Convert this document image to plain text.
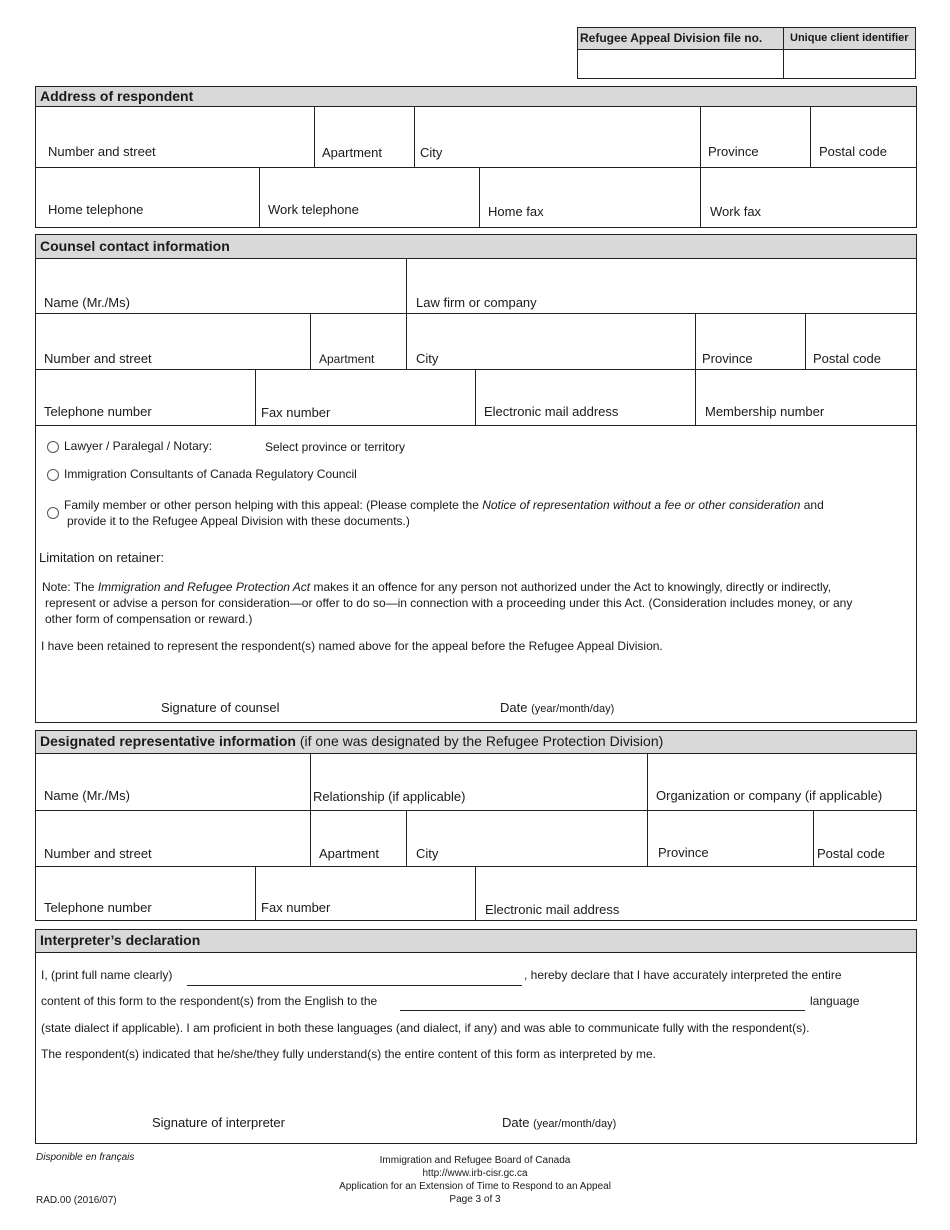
Refugee Appeal Division file no.	Unique client identifier
Address of respondent
Number and street	Apartment	City	Province	Postal code
Home telephone	Work telephone	Home fax	Work fax
Counsel contact information
Name (Mr./Ms)	Law firm or company
Number and street	Apartment	City	Province	Postal code
Telephone number	Fax number	Electronic mail address	Membership number
Lawyer / Paralegal / Notary:	Select province or territory
Immigration Consultants of Canada Regulatory Council
Family member or other person helping with this appeal: (Please complete the Notice of representation without a fee or other consideration and
provide it to the Refugee Appeal Division with these documents.)
Limitation on retainer:
Note: The Immigration and Refugee Protection Act makes it an offence for any person not authorized under the Act to knowingly, directly or indirectly,
represent or advise a person for consideration—or offer to do so—in connection with a proceeding under this Act. (Consideration includes money, or any
other form of compensation or reward.)
I have been retained to represent the respondent(s) named above for the appeal before the Refugee Appeal Division.
Signature of counsel	Date (year/month/day)
Designated representative information (if one was designated by the Refugee Protection Division)
Name (Mr./Ms)	Relationship (if applicable)	Organization or company (if applicable)
Number and street	Apartment	City	Province	Postal code
Telephone number	Fax number	Electronic mail address
Interpreter’s declaration
I, (print full name clearly)	, hereby declare that I have accurately interpreted the entire
content of this form to the respondent(s) from the English to the	language
(state dialect if applicable). I am proficient in both these languages (and dialect, if any) and was able to communicate fully with the respondent(s).
The respondent(s) indicated that he/she/they fully understand(s) the entire content of this form as interpreted by me.
Signature of interpreter	Date (year/month/day)
Disponible en français	Immigration and Refugee Board of Canada
http://www.irb-cisr.gc.ca
Application for an Extension of Time to Respond to an Appeal
Page 3 of 3
RAD.00 (2016/07)
